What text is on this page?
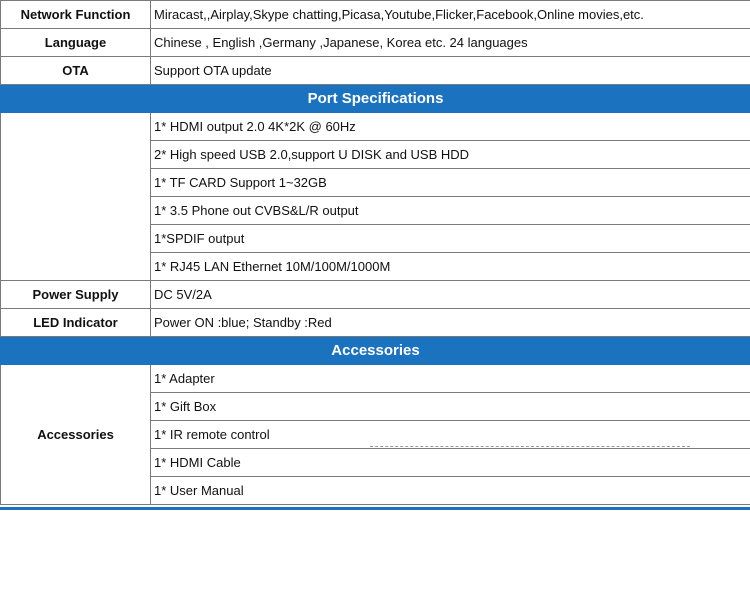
Network Function	Miracast,,Airplay,Skype chatting,Picasa,Youtube,Flicker,Facebook,Online movies,etc.
Language	Chinese , English ,Germany ,Japanese, Korea etc. 24 languages
OTA	Support OTA update
Port Specifications	
	1* HDMI output 2.0 4K*2K @ 60Hz
	2* High speed USB 2.0,support U DISK and USB HDD
	1* TF CARD Support 1~32GB
	1* 3.5 Phone out CVBS&L/R output
	1*SPDIF output
	1* RJ45 LAN Ethernet 10M/100M/1000M
Power Supply	DC 5V/2A
LED Indicator	Power ON :blue; Standby :Red
Accessories	
Accessories	1* Adapter
	1* Gift Box
	1* IR remote control
	1* HDMI Cable
	1* User Manual
